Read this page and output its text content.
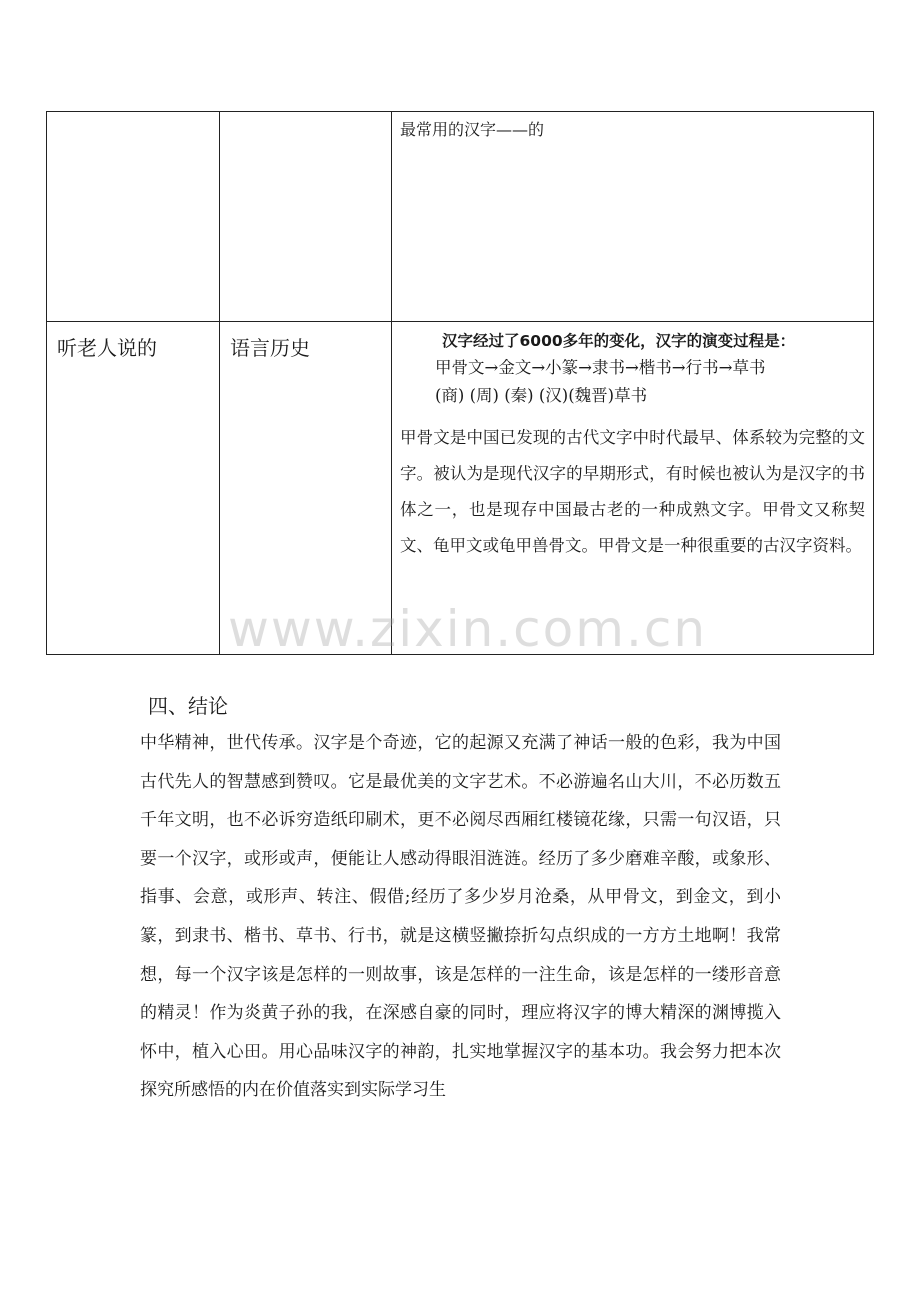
		最常用的汉字——的

听老人说的	语言历史	汉字经过了6000多年的变化，汉字的演变过程是：
甲骨文→金文→小篆→隶书→楷书→行书→草书
(商) (周) (秦) (汉)(魏晋)草书
甲骨文是中国已发现的古代文字中时代最早、体系较为完整的文字。被认为是现代汉字的早期形式，有时候也被认为是汉字的书体之一，也是现存中国最古老的一种成熟文字。甲骨文又称契文、龟甲文或龟甲兽骨文。甲骨文是一种很重要的古汉字资料。
www.zixin.com.cn
四、结论
中华精神，世代传承。汉字是个奇迹，它的起源又充满了神话一般的色彩，我为中国古代先人的智慧感到赞叹。它是最优美的文字艺术。不必游遍名山大川，不必历数五千年文明，也不必诉穷造纸印刷术，更不必阅尽西厢红楼镜花缘，只需一句汉语，只要一个汉字，或形或声，便能让人感动得眼泪涟涟。经历了多少磨难辛酸，或象形、指事、会意，或形声、转注、假借;经历了多少岁月沧桑，从甲骨文，到金文，到小篆，到隶书、楷书、草书、行书，就是这横竖撇捺折勾点织成的一方方土地啊！我常想，每一个汉字该是怎样的一则故事，该是怎样的一注生命，该是怎样的一缕形音意的精灵！作为炎黄子孙的我，在深感自豪的同时，理应将汉字的博大精深的渊博揽入怀中，植入心田。用心品味汉字的神韵，扎实地掌握汉字的基本功。我会努力把本次探究所感悟的内在价值落实到实际学习生
